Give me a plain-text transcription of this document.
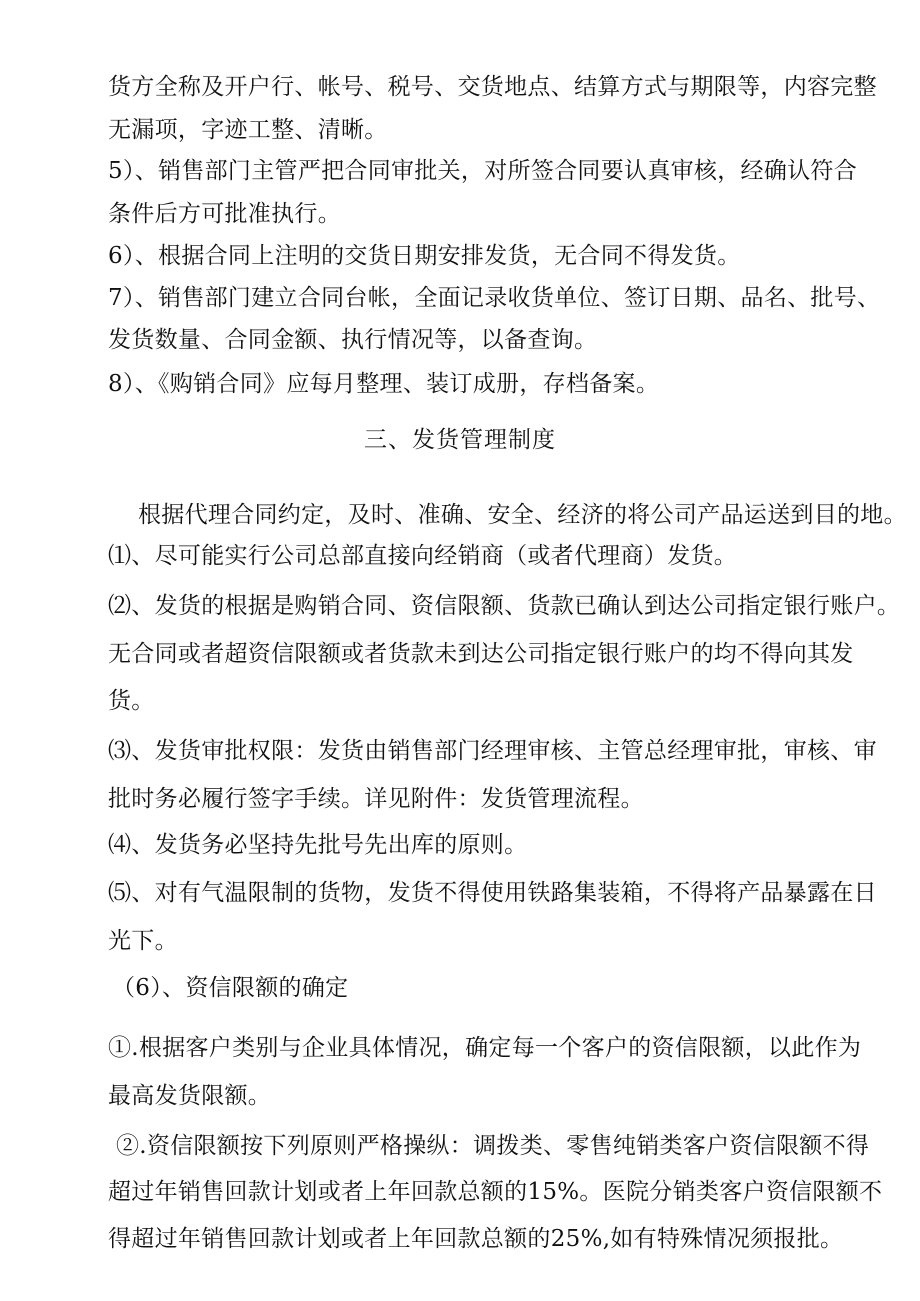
货方全称及开户行、帐号、税号、交货地点、结算方式与期限等，内容完整
无漏项，字迹工整、清晰。
5）、销售部门主管严把合同审批关，对所签合同要认真审核，经确认符合
条件后方可批准执行。
6）、根据合同上注明的交货日期安排发货，无合同不得发货。
7）、销售部门建立合同台帐，全面记录收货单位、签订日期、品名、批号、
发货数量、合同金额、执行情况等，以备查询。
8）、《购销合同》应每月整理、装订成册，存档备案。
三、发货管理制度
根据代理合同约定，及时、准确、安全、经济的将公司产品运送到目的地。
⑴、尽可能实行公司总部直接向经销商（或者代理商）发货。
⑵、发货的根据是购销合同、资信限额、货款已确认到达公司指定银行账户。
无合同或者超资信限额或者货款未到达公司指定银行账户的均不得向其发
货。
⑶、发货审批权限：发货由销售部门经理审核、主管总经理审批，审核、审
批时务必履行签字手续。详见附件：发货管理流程。
⑷、发货务必坚持先批号先出库的原则。
⑸、对有气温限制的货物，发货不得使用铁路集装箱，不得将产品暴露在日
光下。
（6）、资信限额的确定
①.根据客户类别与企业具体情况，确定每一个客户的资信限额，以此作为
最高发货限额。
②.资信限额按下列原则严格操纵：调拨类、零售纯销类客户资信限额不得
超过年销售回款计划或者上年回款总额的15%。医院分销类客户资信限额不
得超过年销售回款计划或者上年回款总额的25%,如有特殊情况须报批。
